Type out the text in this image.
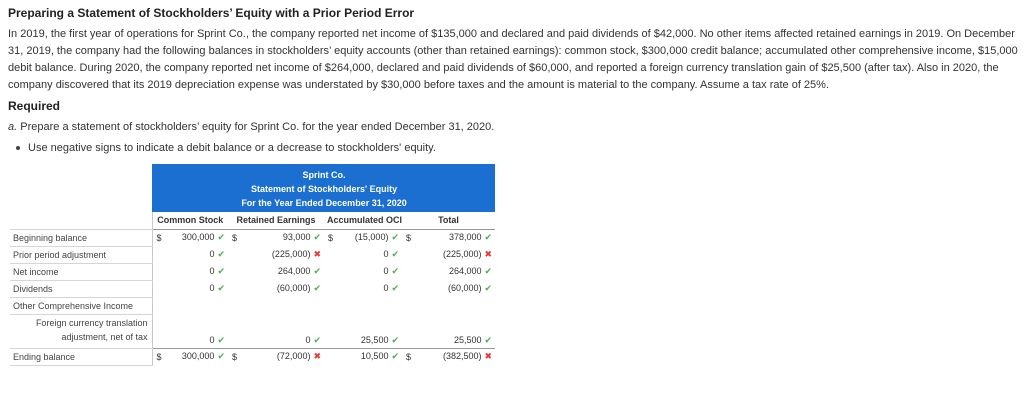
Preparing a Statement of Stockholders’ Equity with a Prior Period Error

In 2019, the first year of operations for Sprint Co., the company reported net income of $135,000 and declared and paid dividends of $42,000. No other items affected retained earnings in 2019. On December 31, 2019, the company had the following balances in stockholders’ equity accounts (other than retained earnings): common stock, $300,000 credit balance; accumulated other comprehensive income, $15,000 debit balance. During 2020, the company reported net income of $264,000, declared and paid dividends of $60,000, and reported a foreign currency translation gain of $25,500 (after tax). Also in 2020, the company discovered that its 2019 depreciation expense was understated by $30,000 before taxes and the amount is material to the company. Assume a tax rate of 25%.

Required
a. Prepare a statement of stockholders’ equity for Sprint Co. for the year ended December 31, 2020.
Use negative signs to indicate a debit balance or a decrease to stockholders' equity.

	Sprint Co.
Statement of Stockholders' Equity
For the Year Ended December 31, 2020							

	Common Stock		Retained Earnings		Accumulated OCI		Total	
Beginning balance	$	300,000 ✔	$	93,000 ✔	$	(15,000) ✔	$	378,000 ✔
Prior period adjustment		0 ✔		(225,000) ✖		0 ✔		(225,000) ✖
Net income		0 ✔		264,000 ✔		0 ✔		264,000 ✔
Dividends		0 ✔		(60,000) ✔		0 ✔		(60,000) ✔
Other Comprehensive Income								
Foreign currency translation adjustment, net of tax		0 ✔		0 ✔		25,500 ✔		25,500 ✔
Ending balance	$	300,000 ✔	$	(72,000) ✖		10,500 ✔	$	(382,500) ✖
